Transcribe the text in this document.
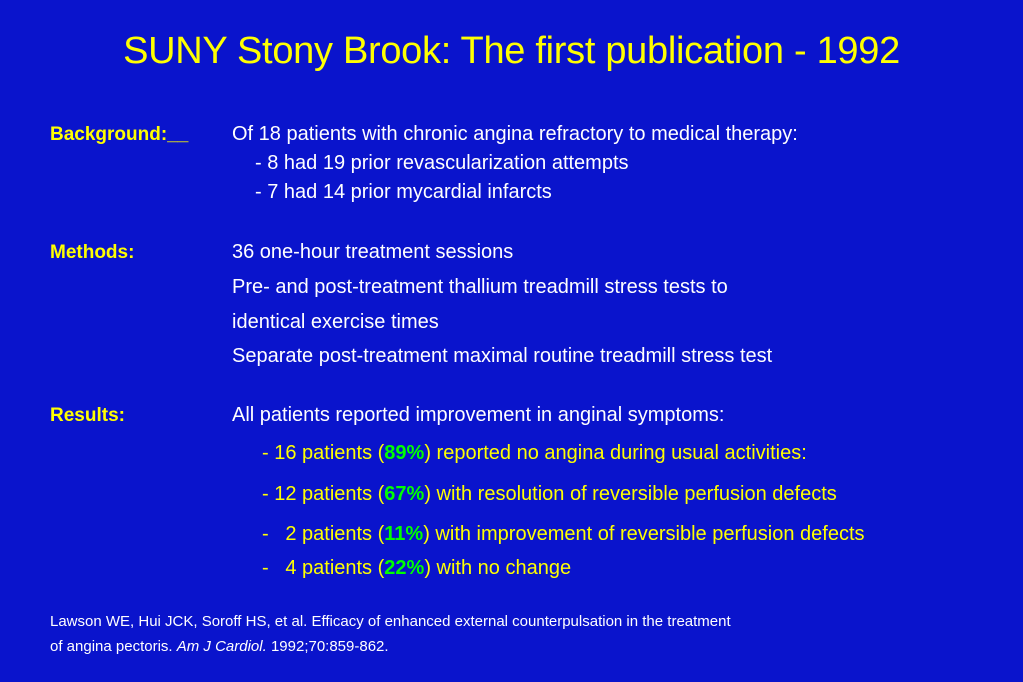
SUNY Stony Brook: The first publication - 1992
Background:__ Of 18 patients with chronic angina refractory to medical therapy:
- 8 had 19 prior revascularization attempts
- 7 had 14 prior mycardial infarcts
Methods:	36 one-hour treatment sessions
Pre- and post-treatment thallium treadmill stress tests to
identical exercise times
Separate post-treatment maximal routine treadmill stress test
Results:	All patients reported improvement in anginal symptoms:
- 16 patients (89%) reported no angina during usual activities:
- 12 patients (67%) with resolution of reversible perfusion defects
-   2 patients (11%) with improvement of reversible perfusion defects
-   4 patients (22%) with no change
Lawson WE, Hui JCK, Soroff HS, et al. Efficacy of enhanced external counterpulsation in the treatment
of angina pectoris. Am J Cardiol. 1992;70:859-862.
